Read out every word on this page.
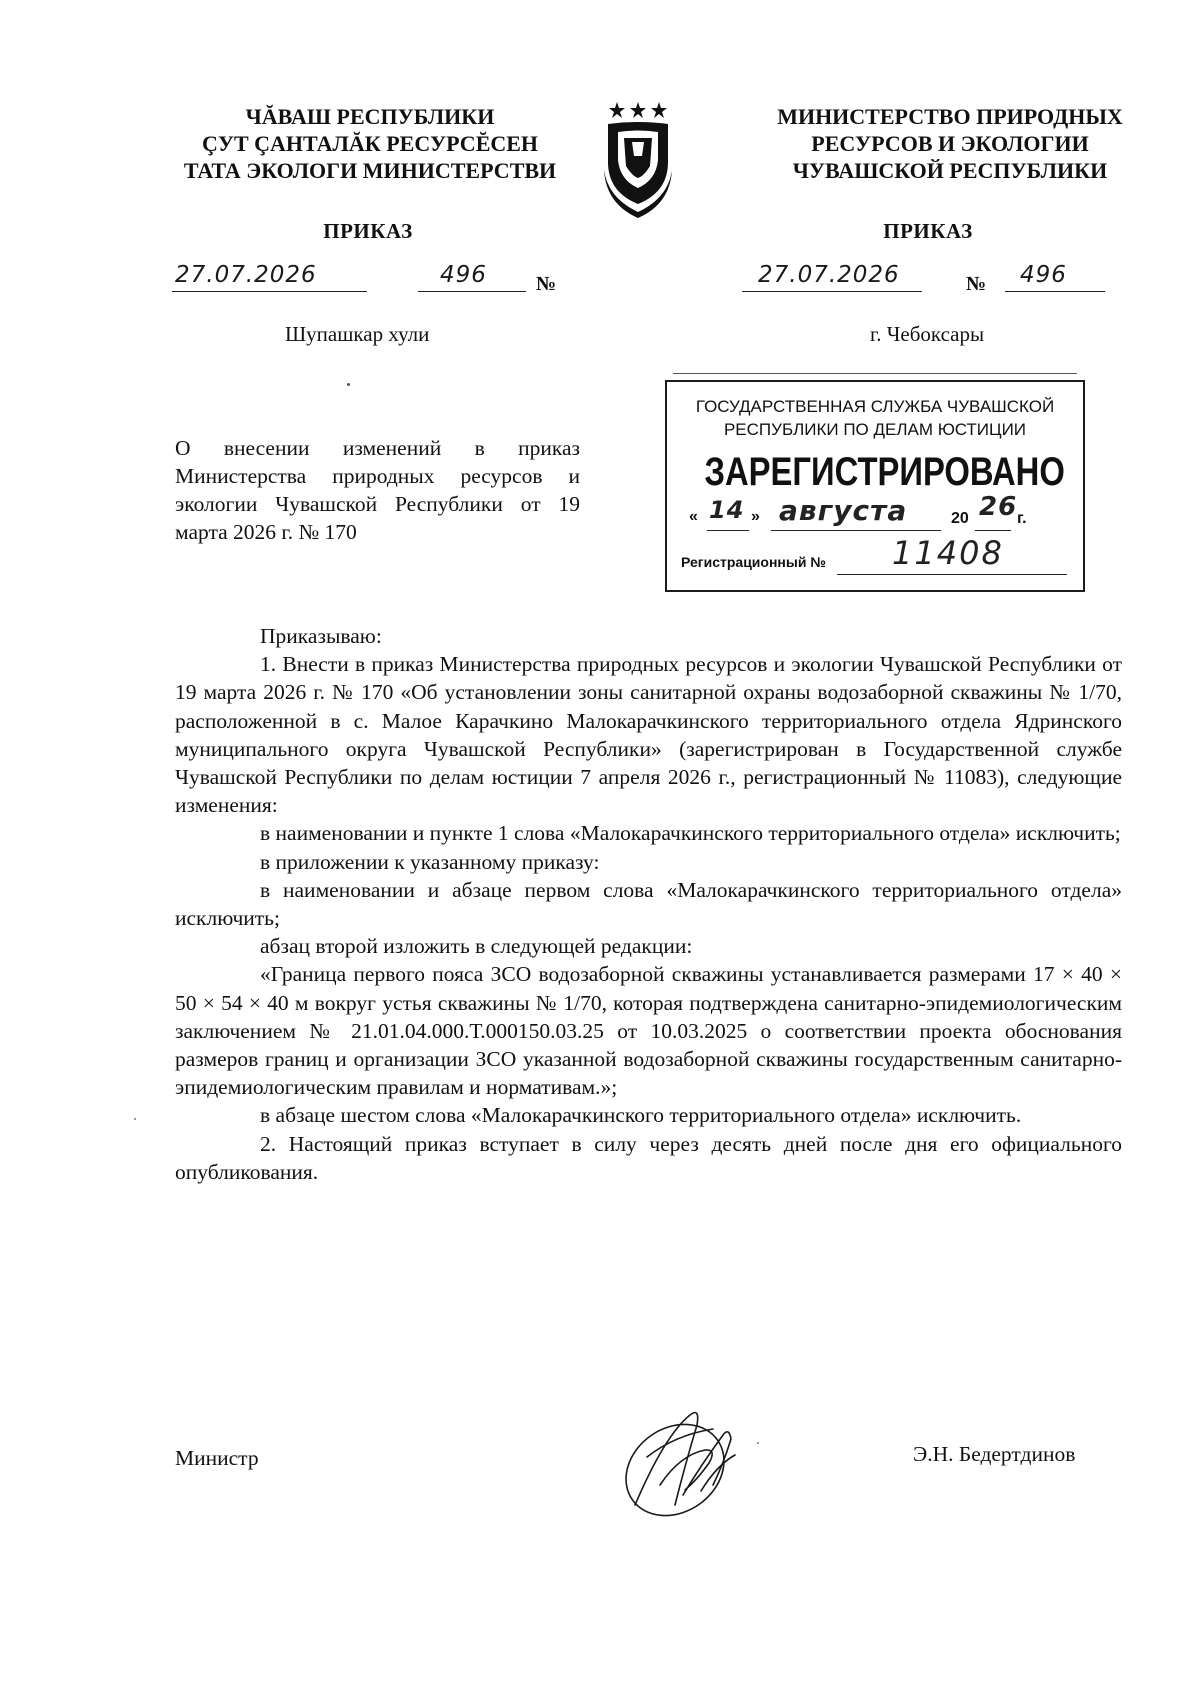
ЧĂВАШ РЕСПУБЛИКИ
ÇУТ ÇАНТАЛĂК РЕСУРСĔСЕН
ТАТА ЭКОЛОГИ МИНИСТЕРСТВИ
МИНИСТЕРСТВО ПРИРОДНЫХ
РЕСУРСОВ И ЭКОЛОГИИ
ЧУВАШСКОЙ РЕСПУБЛИКИ
ПРИКАЗ	ПРИКАЗ
27.07.2026	496 №	27.07.2026	№ 496
Шупашкар хули	г. Чебоксары
О внесении изменений в приказ Министерства природных ресурсов и экологии Чувашской Республики от 19 марта 2026 г. № 170
ГОСУДАРСТВЕННАЯ СЛУЖБА ЧУВАШСКОЙ
РЕСПУБЛИКИ ПО ДЕЛАМ ЮСТИЦИИ
ЗАРЕГИСТРИРОВАНО
« 14 » августа	20 26 г.
Регистрационный № 11408

Приказываю:

1. Внести в приказ Министерства природных ресурсов и экологии Чувашской Республики от 19 марта 2026 г. № 170 «Об установлении зоны санитарной охраны водозаборной скважины № 1/70, расположенной в с. Малое Карачкино Малокарачкинского территориального отдела Ядринского муниципального округа Чувашской Республики» (зарегистрирован в Государственной службе Чувашской Республики по делам юстиции 7 апреля 2026 г., регистрационный № 11083), следующие изменения:

в наименовании и пункте 1 слова «Малокарачкинского территориального отдела» исключить;

в приложении к указанному приказу:

в наименовании и абзаце первом слова «Малокарачкинского территориального отдела» исключить;

абзац второй изложить в следующей редакции:

«Граница первого пояса ЗСО водозаборной скважины устанавливается размерами 17 × 40 × 50 × 54 × 40 м вокруг устья скважины № 1/70, которая подтверждена санитарно-эпидемиологическим заключением № 21.01.04.000.Т.000150.03.25 от 10.03.2025 о соответствии проекта обоснования размеров границ и организации ЗСО указанной водозаборной скважины государственным санитарно-эпидемиологическим правилам и нормативам.»;

в абзаце шестом слова «Малокарачкинского территориального отдела» исключить.

2. Настоящий приказ вступает в силу через десять дней после дня его официального опубликования.

Министр	Э.Н. Бедертдинов
